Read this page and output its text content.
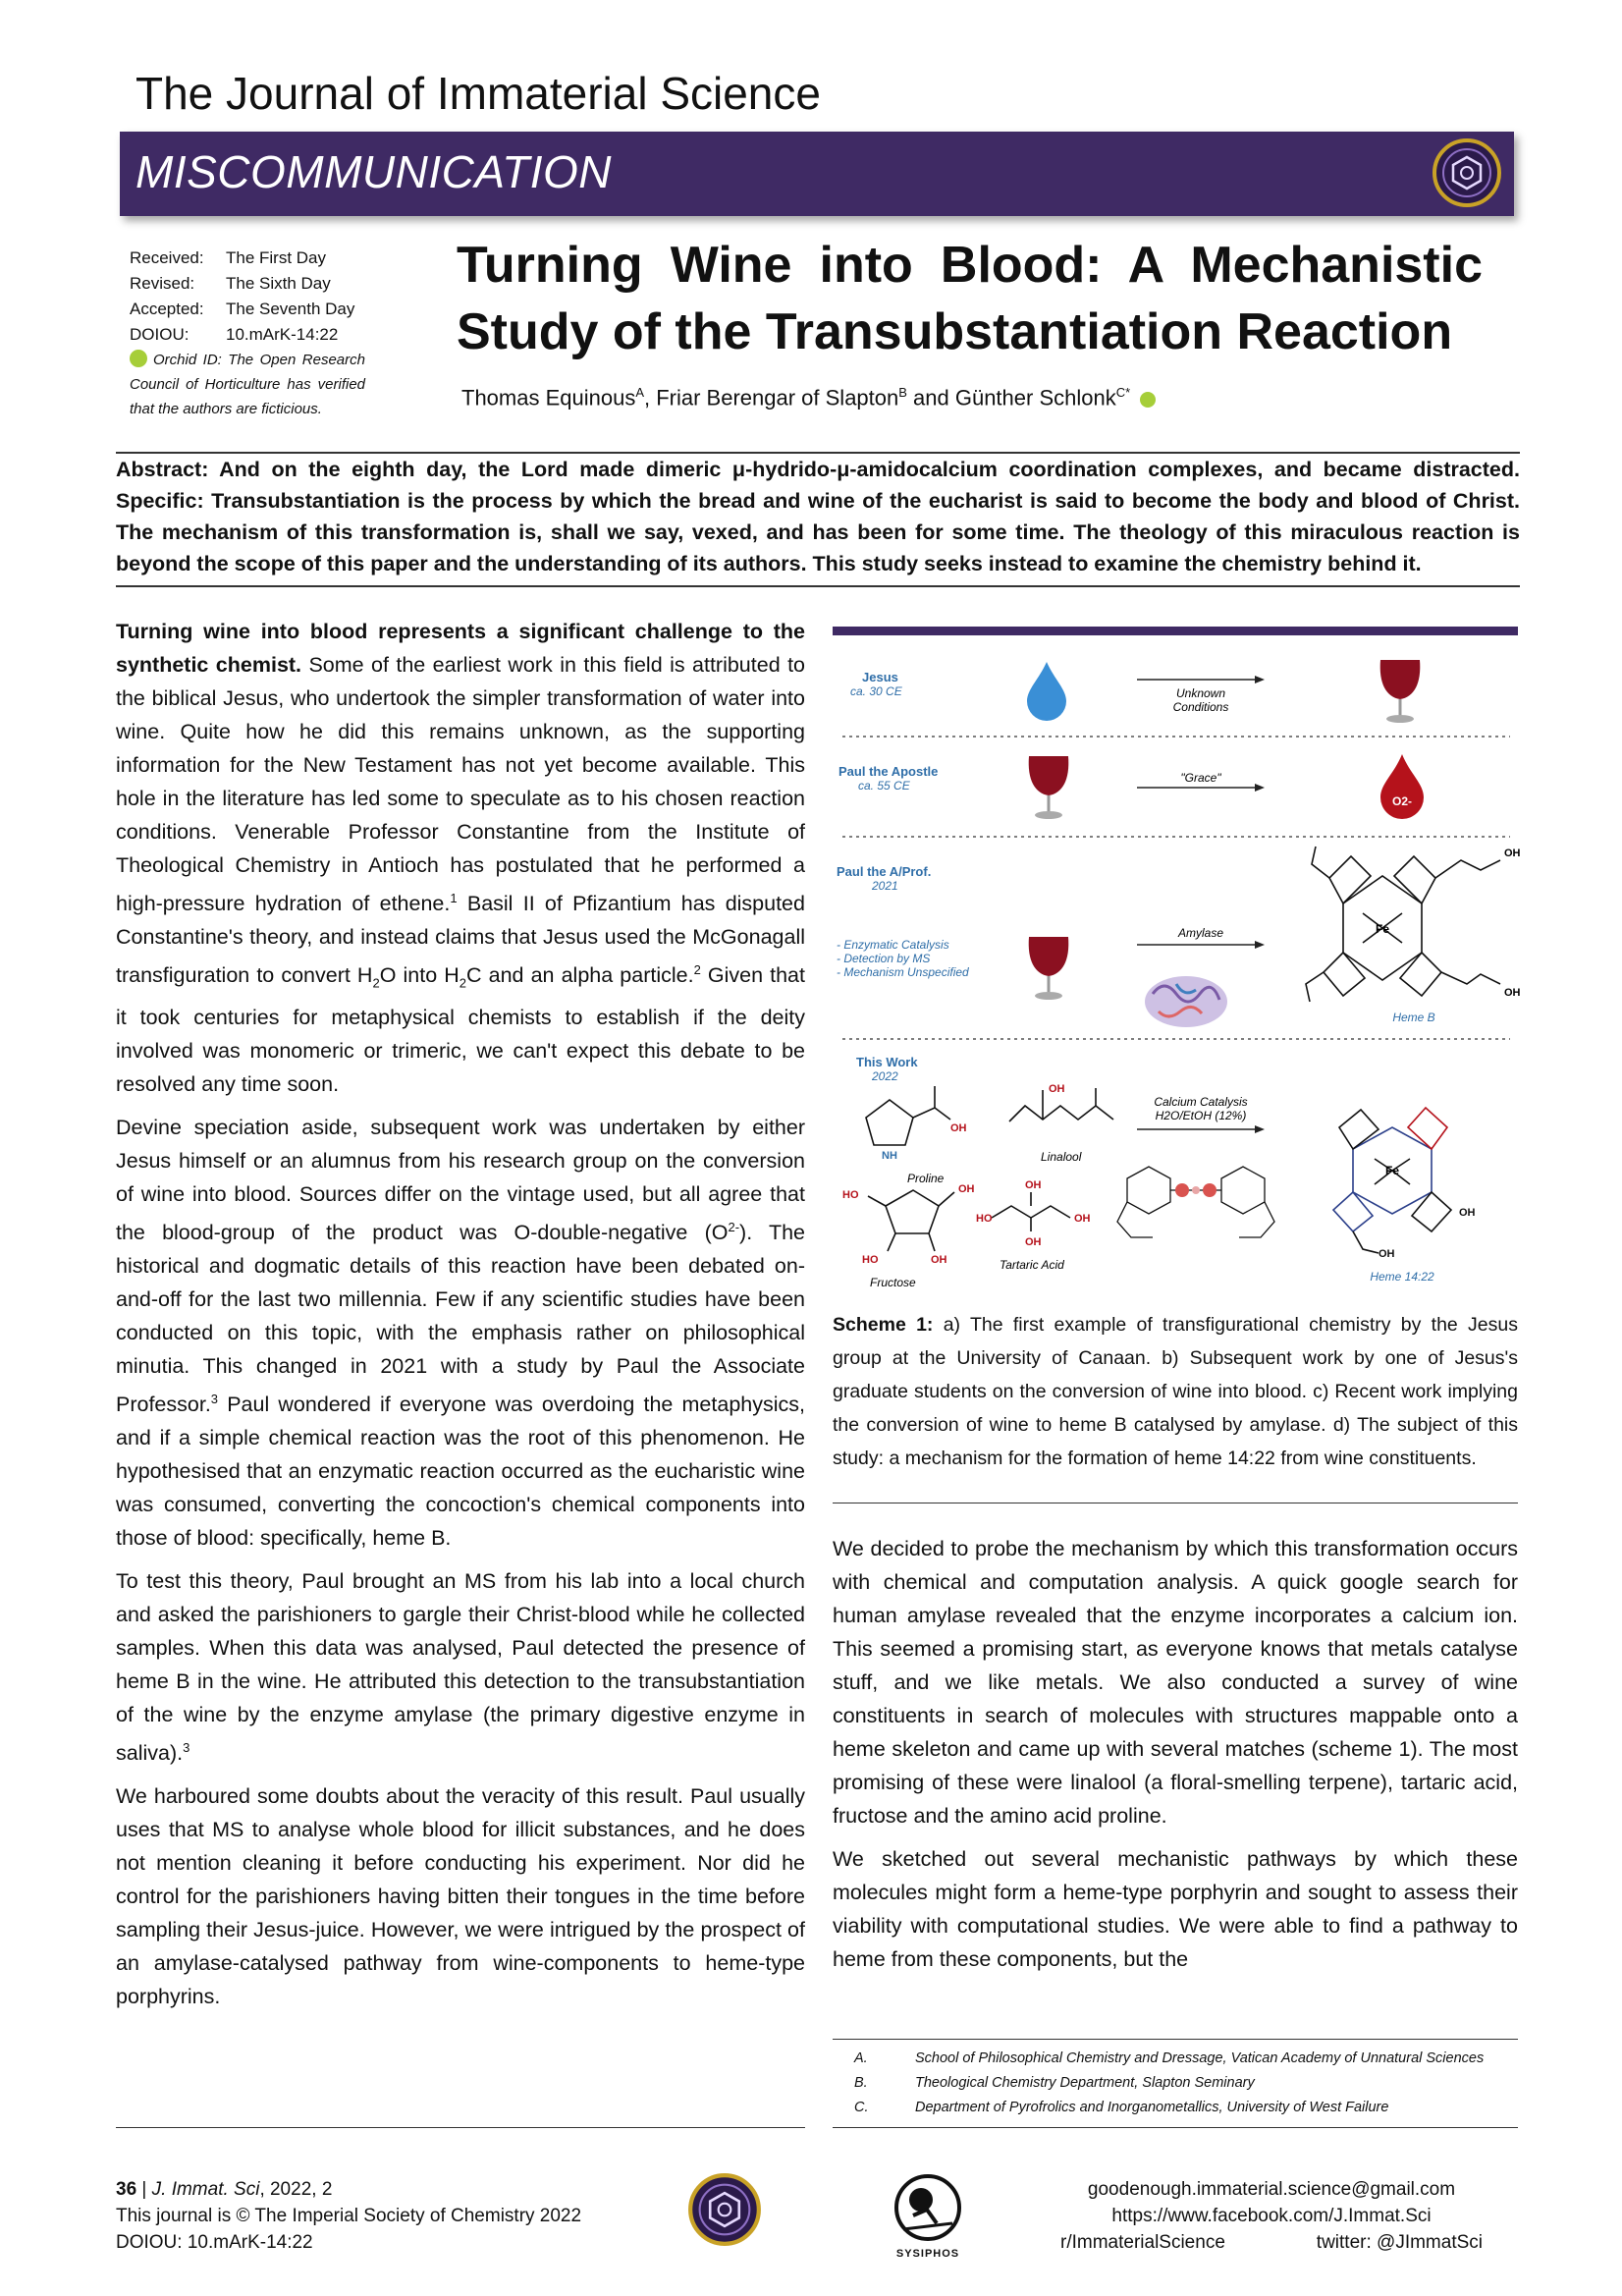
The Journal of Immaterial Science
MISCOMMUNICATION
Received:	The First Day
Revised:	The Sixth Day
Accepted:	The Seventh Day
DOIOU:	10.mArK-14:22
Orchid ID: The Open Research Council of Horticulture has verified that the authors are ficticious.
Turning Wine into Blood: A Mechanistic Study of the Transubstantiation Reaction
Thomas Equinous$^A$, Friar Berengar of Slapton$^B$ and Günther Schlonk$^{C*}$
Abstract: And on the eighth day, the Lord made dimeric μ-hydrido-μ-amidocalcium coordination complexes, and became distracted. Specific: Transubstantiation is the process by which the bread and wine of the eucharist is said to become the body and blood of Christ. The mechanism of this transformation is, shall we say, vexed, and has been for some time. The theology of this miraculous reaction is beyond the scope of this paper and the understanding of its authors. This study seeks instead to examine the chemistry behind it.

Turning wine into blood represents a significant challenge to the synthetic chemist. Some of the earliest work in this field is attributed to the biblical Jesus, who undertook the simpler transformation of water into wine. Quite how he did this remains unknown, as the supporting information for the New Testament has not yet become available. This hole in the literature has led some to speculate as to his chosen reaction conditions. Venerable Professor Constantine from the Institute of Theological Chemistry in Antioch has postulated that he performed a high-pressure hydration of ethene.$^1$ Basil II of Pfizantium has disputed Constantine's theory, and instead claims that Jesus used the McGonagall transfiguration to convert $H_2O$ into $H_2C$ and an alpha particle.$^2$ Given that it took centuries for metaphysical chemists to establish if the deity involved was monomeric or trimeric, we can't expect this debate to be resolved any time soon.

Devine speciation aside, subsequent work was undertaken by either Jesus himself or an alumnus from his research group on the conversion of wine into blood. Sources differ on the vintage used, but all agree that the blood-group of the product was O-double-negative $(O^{2-})$. The historical and dogmatic details of this reaction have been debated on-and-off for the last two millennia. Few if any scientific studies have been conducted on this topic, with the emphasis rather on philosophical minutia. This changed in 2021 with a study by Paul the Associate Professor.$^3$ Paul wondered if everyone was overdoing the metaphysics, and if a simple chemical reaction was the root of this phenomenon. He hypothesised that an enzymatic reaction occurred as the eucharistic wine was consumed, converting the concoction's chemical components into those of blood: specifically, heme B.

To test this theory, Paul brought an MS from his lab into a local church and asked the parishioners to gargle their Christ-blood while he collected samples. When this data was analysed, Paul detected the presence of heme B in the wine. He attributed this detection to the transubstantiation of the wine by the enzyme amylase (the primary digestive enzyme in saliva).$^3$

We harboured some doubts about the veracity of this result. Paul usually uses that MS to analyse whole blood for illicit substances, and he does not mention cleaning it before conducting his experiment. Nor did he control for the parishioners having bitten their tongues in the time before sampling their Jesus-juice. However, we were intrigued by the prospect of an amylase-catalysed pathway from wine-components to heme-type porphyrins.

Jesus
ca. 30 CE	Unknown
Conditions
Paul the Apostle
ca. 55 CE
"Grace"
O2-
Paul the A/Prof.
2021
- Enzymatic Catalysis
- Detection by MS
- Mechanism Unspecified
Amylase	Fe
OH
OH
Heme B
This Work
2022
NH
OH
Proline
OH
Linalool
HO	OH
HO	OH
Fructose
HO	OH
OH
OH
Tartaric Acid
Calcium Catalysis
H2O/EtOH (12%)
Fe
OH
OH
Heme 14:22
Scheme 1: a) The first example of transfigurational chemistry by the Jesus group at the University of Canaan. b) Subsequent work by one of Jesus's graduate students on the conversion of wine into blood. c) Recent work implying the conversion of wine to heme B catalysed by amylase. d) The subject of this study: a mechanism for the formation of heme 14:22 from wine constituents.

We decided to probe the mechanism by which this transformation occurs with chemical and computation analysis. A quick google search for human amylase revealed that the enzyme incorporates a calcium ion. This seemed a promising start, as everyone knows that metals catalyse stuff, and we like metals. We also conducted a survey of wine constituents in search of molecules with structures mappable onto a heme skeleton and came up with several matches (scheme 1). The most promising of these were linalool (a floral-smelling terpene), tartaric acid, fructose and the amino acid proline.

We sketched out several mechanistic pathways by which these molecules might form a heme-type porphyrin and sought to assess their viability with computational studies. We were able to find a pathway to heme from these components, but the

A.	School of Philosophical Chemistry and Dressage, Vatican Academy of Unnatural Sciences
B.	Theological Chemistry Department, Slapton Seminary
C.	Department of Pyrofrolics and Inorganometallics, University of West Failure
36 | J. Immat. Sci, 2022, 2
This journal is © The Imperial Society of Chemistry 2022
DOIOU: 10.mArK-14:22
SYSIPHOS
goodenough.immaterial.science@gmail.com
https://www.facebook.com/J.Immat.Sci
r/ImmaterialScience	twitter: @JImmatSci
